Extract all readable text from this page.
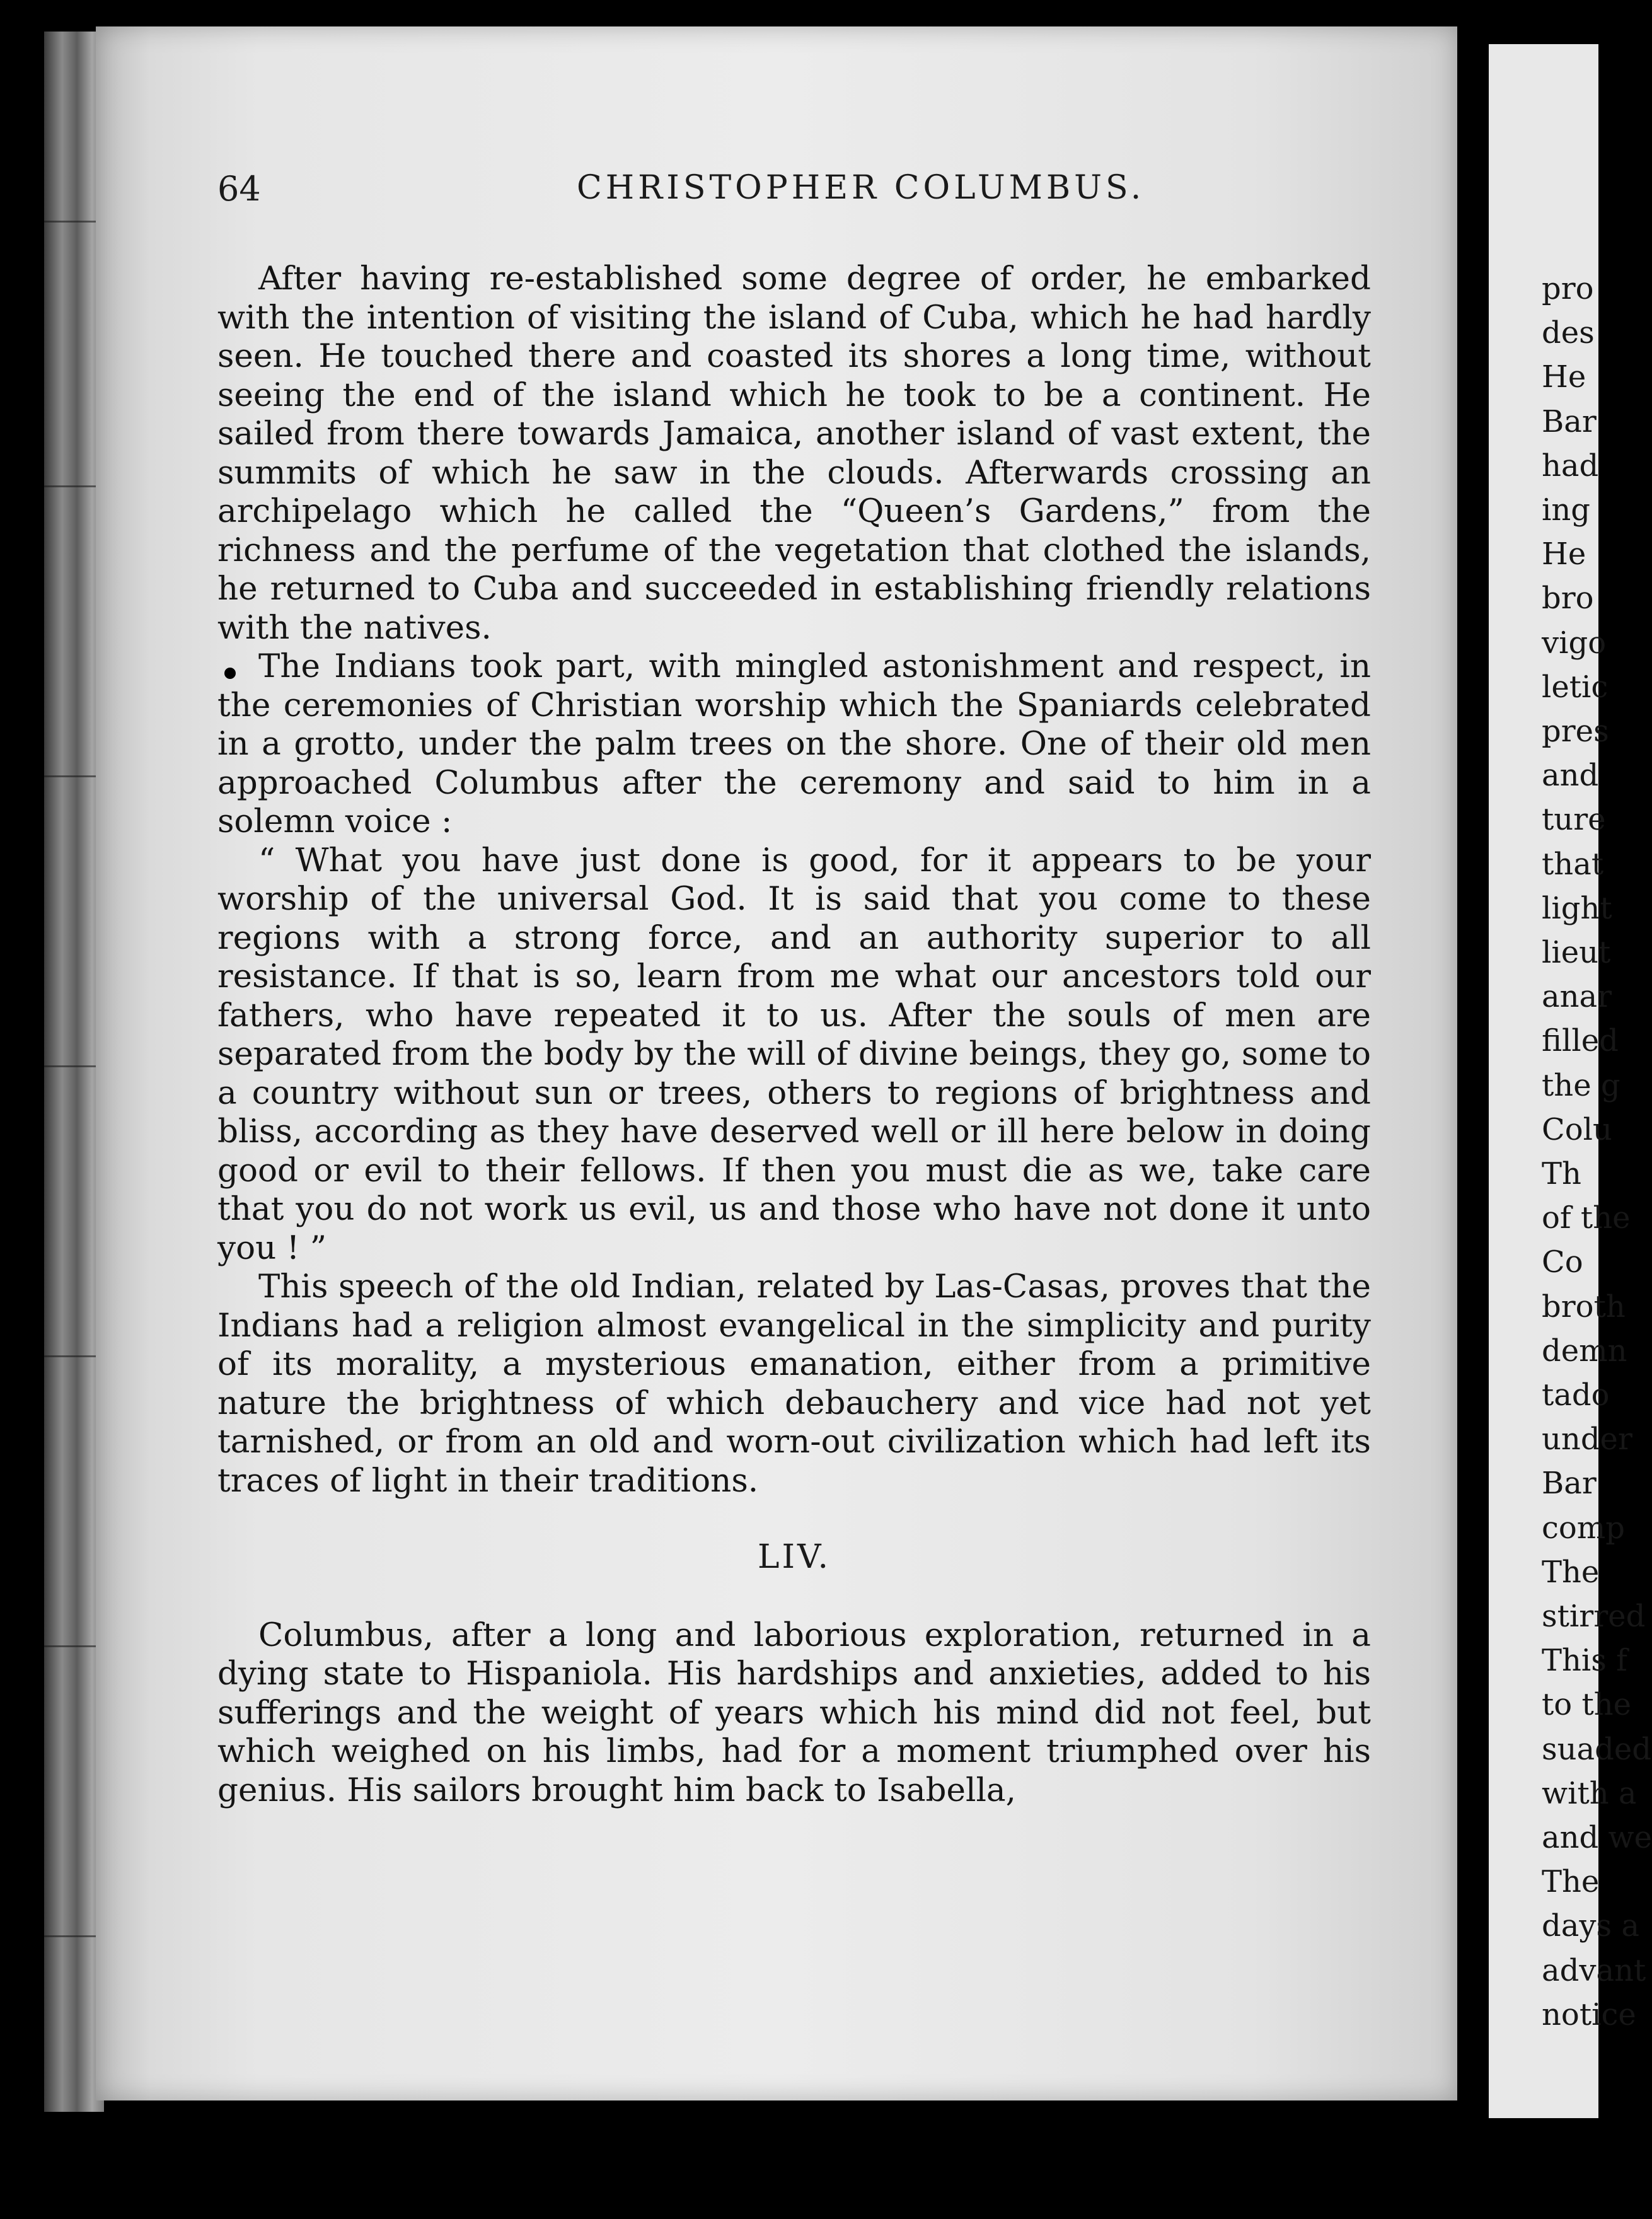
64	CHRISTOPHER COLUMBUS.

After having re-established some degree of order, he embarked with the intention of visiting the island of Cuba, which he had hardly seen. He touched there and coasted its shores a long time, without seeing the end of the island which he took to be a continent. He sailed from there towards Jamaica, another island of vast extent, the summits of which he saw in the clouds. Afterwards crossing an archipelago which he called the “Queen’s Gardens,” from the richness and the perfume of the vegetation that clothed the islands, he returned to Cuba and succeeded in establishing friendly relations with the natives.

The Indians took part, with mingled astonishment and respect, in the ceremonies of Christian worship which the Spaniards celebrated in a grotto, under the palm trees on the shore. One of their old men approached Columbus after the ceremony and said to him in a solemn voice :

“ What you have just done is good, for it appears to be your worship of the universal God. It is said that you come to these regions with a strong force, and an authority superior to all resistance. If that is so, learn from me what our ancestors told our fathers, who have repeated it to us. After the souls of men are separated from the body by the will of divine beings, they go, some to a country without sun or trees, others to regions of brightness and bliss, according as they have deserved well or ill here below in doing good or evil to their fellows. If then you must die as we, take care that you do not work us evil, us and those who have not done it unto you ! ”

This speech of the old Indian, related by Las-Casas, proves that the Indians had a religion almost evangelical in the simplicity and purity of its morality, a mysterious emanation, either from a primitive nature the brightness of which debauchery and vice had not yet tarnished, or from an old and worn-out civilization which had left its traces of light in their traditions.

LIV.

Columbus, after a long and laborious exploration, returned in a dying state to Hispaniola. His hardships and anxieties, added to his sufferings and the weight of years which his mind did not feel, but which weighed on his limbs, had for a moment triumphed over his genius. His sailors brought him back to Isabella,

pro
des
He
Bar
had
ing
He
bro
vigo
letic
pres
and
ture
that
light
lieut
anar
filled
the g
Colu
Th
of the
Co
broth
demn
tado
under
Bar
comp
The
stirred
This f
to the
suaded
with a
and we
The
days a
advant
notice
